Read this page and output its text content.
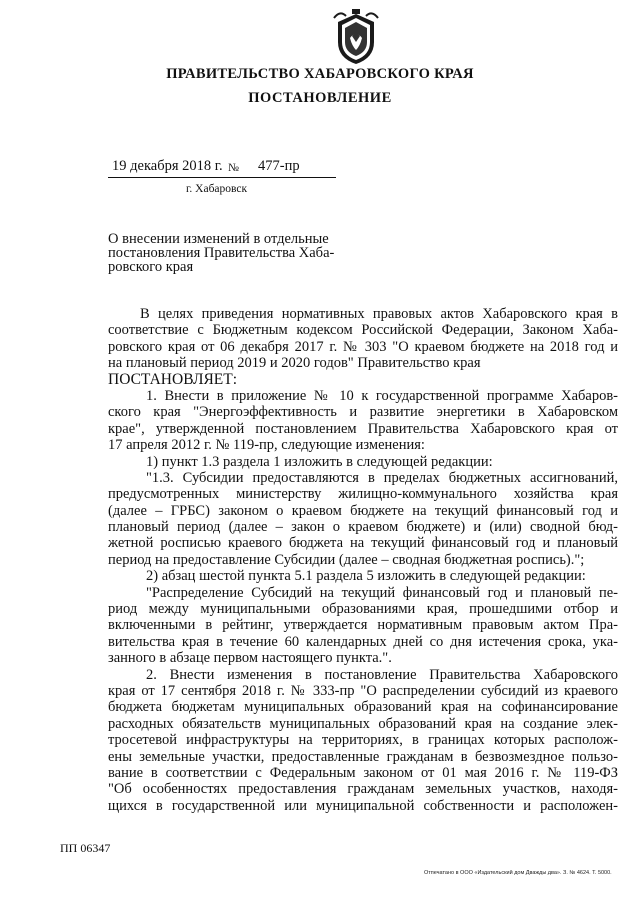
ПРАВИТЕЛЬСТВО ХАБАРОВСКОГО КРАЯ
ПОСТАНОВЛЕНИЕ
19 декабря 2018 г. № 477-пр
г. Хабаровск
О внесении изменений в отдельные
постановления Правительства Хаба-
ровского края
В целях приведения нормативных правовых актов Хабаровского края в
соответствие с Бюджетным кодексом Российской Федерации, Законом Хаба-
ровского края от 06 декабря 2017 г. № 303 "О краевом бюджете на 2018 год и
на плановый период 2019 и 2020 годов" Правительство края
ПОСТАНОВЛЯЕТ:
1. Внести в приложение № 10 к государственной программе Хабаров-
ского края "Энергоэффективность и развитие энергетики в Хабаровском
крае", утвержденной постановлением Правительства Хабаровского края от
17 апреля 2012 г. № 119-пр, следующие изменения:
1) пункт 1.3 раздела 1 изложить в следующей редакции:
"1.3. Субсидии предоставляются в пределах бюджетных ассигнований,
предусмотренных министерству жилищно-коммунального хозяйства края
(далее – ГРБС) законом о краевом бюджете на текущий финансовый год и
плановый период (далее – закон о краевом бюджете) и (или) сводной бюд-
жетной росписью краевого бюджета на текущий финансовый год и плановый
период на предоставление Субсидии (далее – сводная бюджетная роспись).";
2) абзац шестой пункта 5.1 раздела 5 изложить в следующей редакции:
"Распределение Субсидий на текущий финансовый год и плановый пе-
риод между муниципальными образованиями края, прошедшими отбор и
включенными в рейтинг, утверждается нормативным правовым актом Пра-
вительства края в течение 60 календарных дней со дня истечения срока, ука-
занного в абзаце первом настоящего пункта.".
2. Внести изменения в постановление Правительства Хабаровского
края от 17 сентября 2018 г. № 333-пр "О распределении субсидий из краевого
бюджета бюджетам муниципальных образований края на софинансирование
расходных обязательств муниципальных образований края на создание элек-
тросетевой инфраструктуры на территориях, в границах которых располож-
ены земельные участки, предоставленные гражданам в безвозмездное пользо-
вание в соответствии с Федеральным законом от 01 мая 2016 г. № 119-ФЗ
"Об особенностях предоставления гражданам земельных участков, находя-
щихся в государственной или муниципальной собственности и расположен-
ПП 06347
Отпечатано в ООО «Издательский дом Дважды два». З. № 4624. Т. 5000.
